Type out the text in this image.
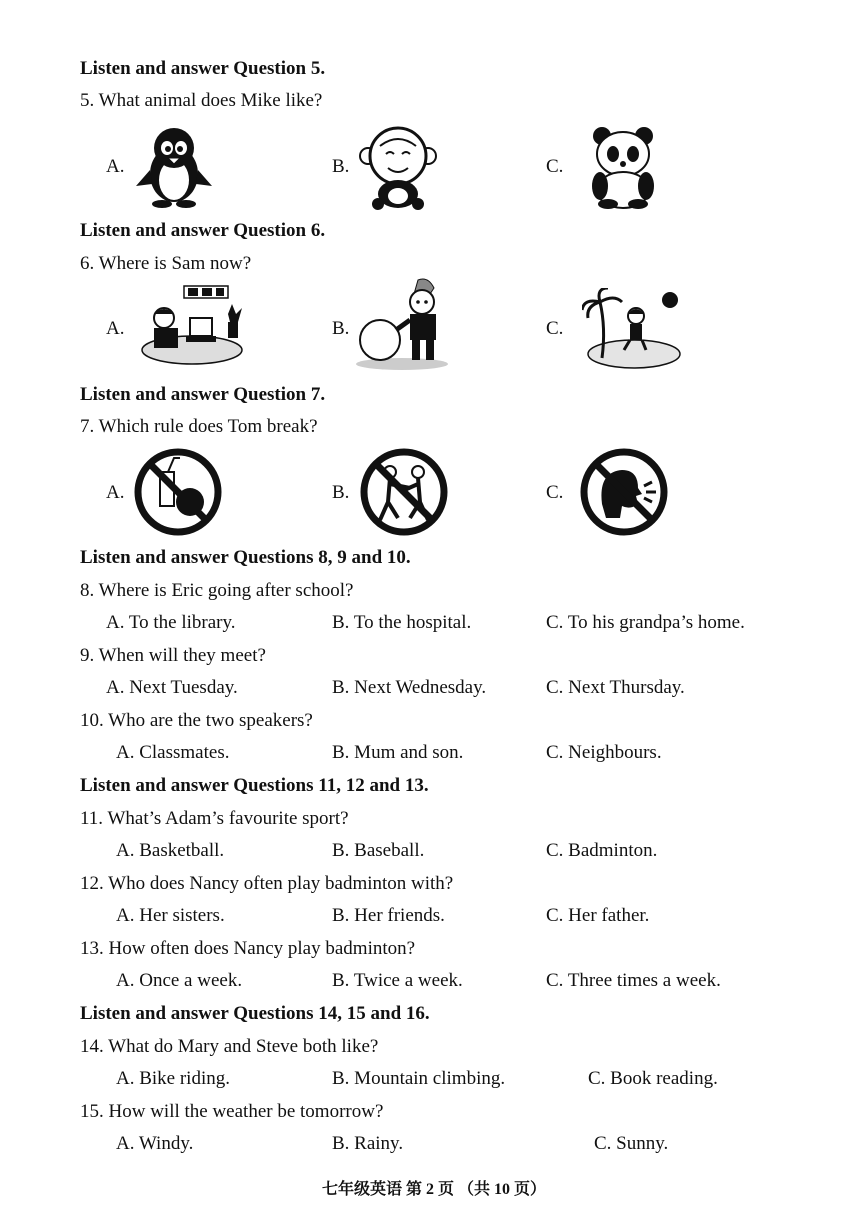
Listen and answer Question 5.
5. What animal does Mike like?
A.	B.	C.
Listen and answer Question 6.
6. Where is Sam now?
A.	B.	C.
Listen and answer Question 7.
7. Which rule does Tom break?
A.	B.	C.
Listen and answer Questions 8, 9 and 10.
8. Where is Eric going after school?
A. To the library.	B. To the hospital.	C. To his grandpa’s home.
9. When will they meet?
A. Next Tuesday.	B. Next Wednesday.	C. Next Thursday.
10. Who are the two speakers?
A. Classmates.	B. Mum and son.	C. Neighbours.
Listen and answer Questions 11, 12 and 13.
11. What’s Adam’s favourite sport?
A. Basketball.	B. Baseball.	C. Badminton.
12. Who does Nancy often play badminton with?
A. Her sisters.	B. Her friends.	C. Her father.
13. How often does Nancy play badminton?
A. Once a week.	B. Twice a week.	C. Three times a week.
Listen and answer Questions 14, 15 and 16.
14. What do Mary and Steve both like?
A. Bike riding.	B. Mountain climbing.	C. Book reading.
15. How will the weather be tomorrow?
A. Windy.	B. Rainy.	C. Sunny.
七年级英语 第 2 页 （共 10 页）
